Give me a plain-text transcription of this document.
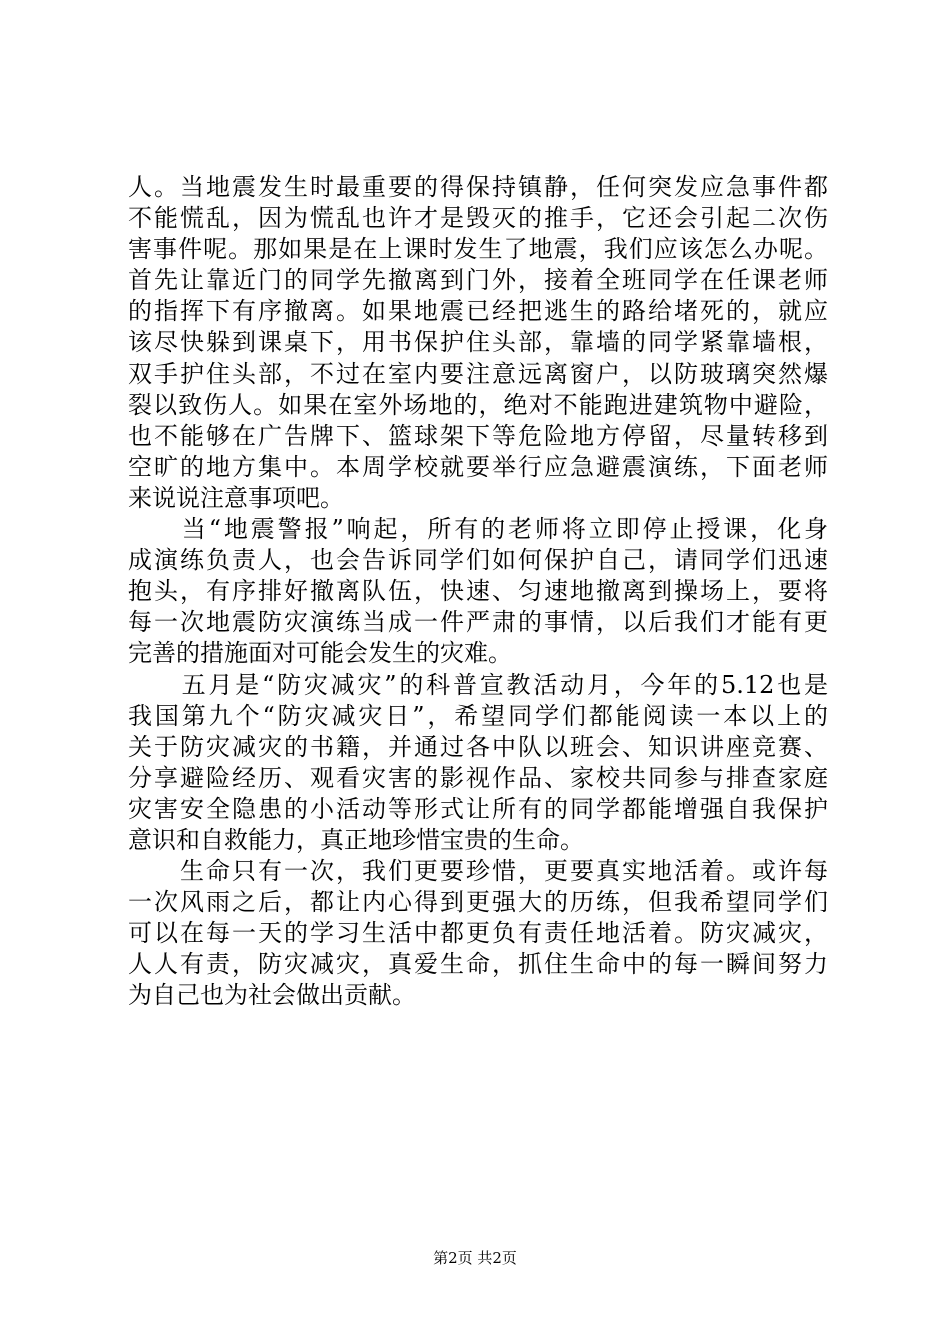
人。当地震发生时最重要的得保持镇静，任何突发应急事件都
不能慌乱，因为慌乱也许才是毁灭的推手，它还会引起二次伤
害事件呢。那如果是在上课时发生了地震，我们应该怎么办呢。
首先让靠近门的同学先撤离到门外，接着全班同学在任课老师
的指挥下有序撤离。如果地震已经把逃生的路给堵死的，就应
该尽快躲到课桌下，用书保护住头部，靠墙的同学紧靠墙根，
双手护住头部，不过在室内要注意远离窗户，以防玻璃突然爆
裂以致伤人。如果在室外场地的，绝对不能跑进建筑物中避险，
也不能够在广告牌下、篮球架下等危险地方停留，尽量转移到
空旷的地方集中。本周学校就要举行应急避震演练，下面老师
来说说注意事项吧。
　　当“地震警报”响起，所有的老师将立即停止授课，化身
成演练负责人，也会告诉同学们如何保护自己，请同学们迅速
抱头，有序排好撤离队伍，快速、匀速地撤离到操场上，要将
每一次地震防灾演练当成一件严肃的事情，以后我们才能有更
完善的措施面对可能会发生的灾难。
　　五月是“防灾减灾”的科普宣教活动月，今年的5.12也是
我国第九个“防灾减灾日”，希望同学们都能阅读一本以上的
关于防灾减灾的书籍，并通过各中队以班会、知识讲座竞赛、
分享避险经历、观看灾害的影视作品、家校共同参与排查家庭
灾害安全隐患的小活动等形式让所有的同学都能增强自我保护
意识和自救能力，真正地珍惜宝贵的生命。
　　生命只有一次，我们更要珍惜，更要真实地活着。或许每
一次风雨之后，都让内心得到更强大的历练，但我希望同学们
可以在每一天的学习生活中都更负有责任地活着。防灾减灾，
人人有责，防灾减灾，真爱生命，抓住生命中的每一瞬间努力
为自己也为社会做出贡献。
第2页 共2页
